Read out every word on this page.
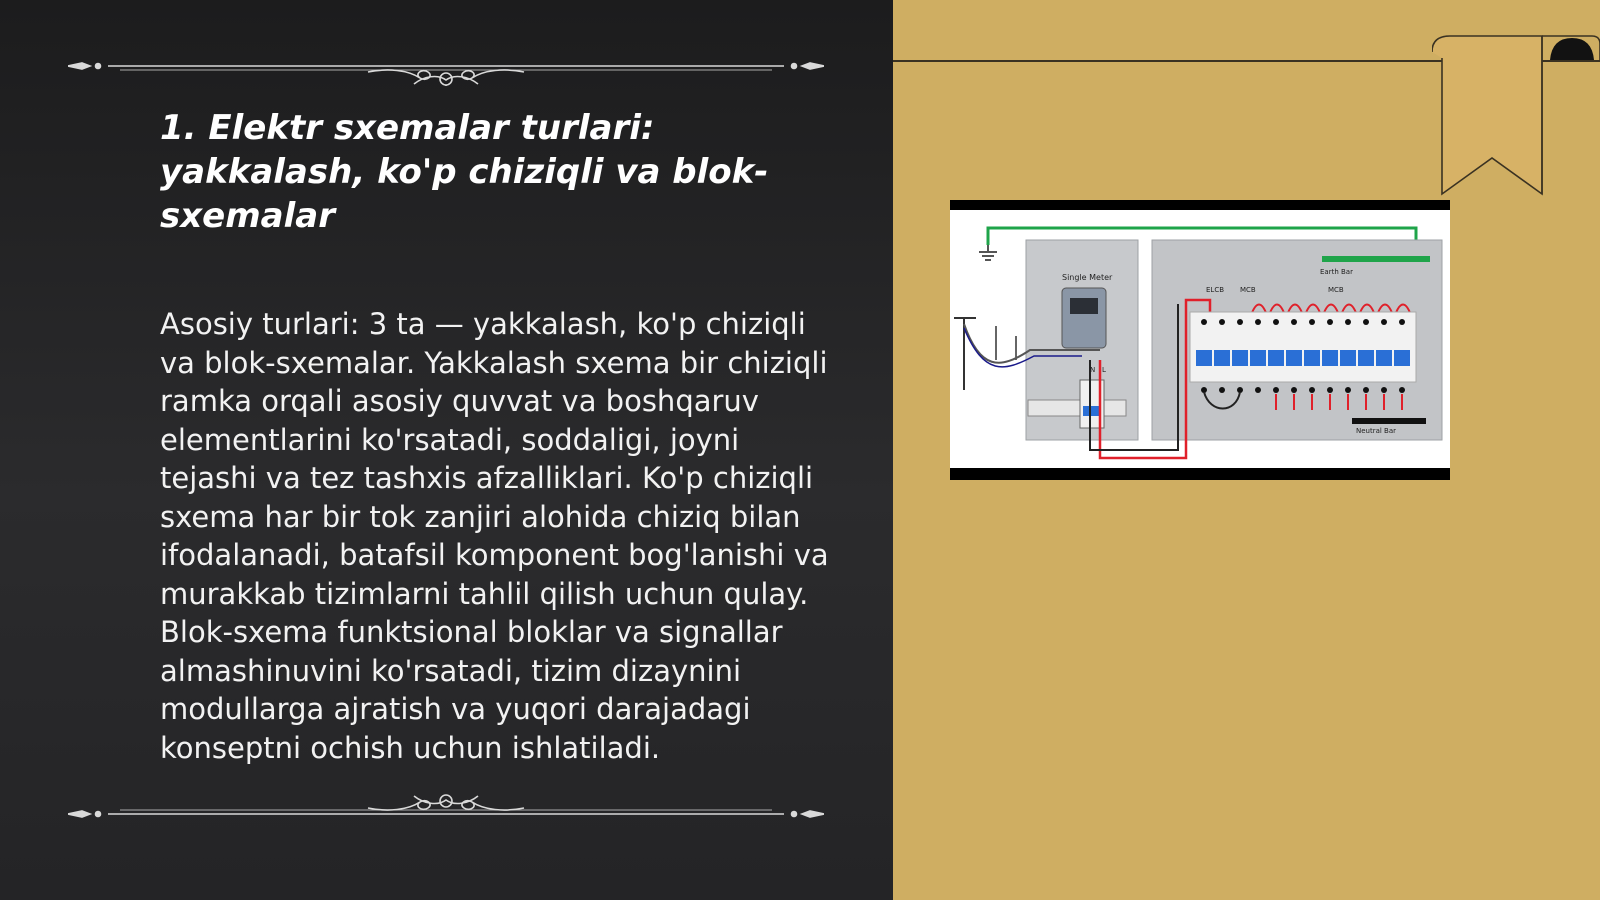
1. Elektr sxemalar turlari: yakkalash, ko'p chiziqli va blok-sxemalar

Asosiy turlari: 3 ta — yakkalash, ko'p chiziqli va blok-sxemalar. Yakkalash sxema bir chiziqli ramka orqali asosiy quvvat va boshqaruv elementlarini ko'rsatadi, soddaligi, joyni tejashi va tez tashxis afzalliklari. Ko'p chiziqli sxema har bir tok zanjiri alohida chiziq bilan ifodalanadi, batafsil komponent bog'lanishi va murakkab tizimlarni tahlil qilish uchun qulay. Blok-sxema funktsional bloklar va signallar almashinuvini ko'rsatadi, tizim dizaynini modullarga ajratish va yuqori darajadagi konseptni ochish uchun ishlatiladi.

Single Meter
N L
Earth Bar
ELCB MCB	MCB
Neutral Bar
